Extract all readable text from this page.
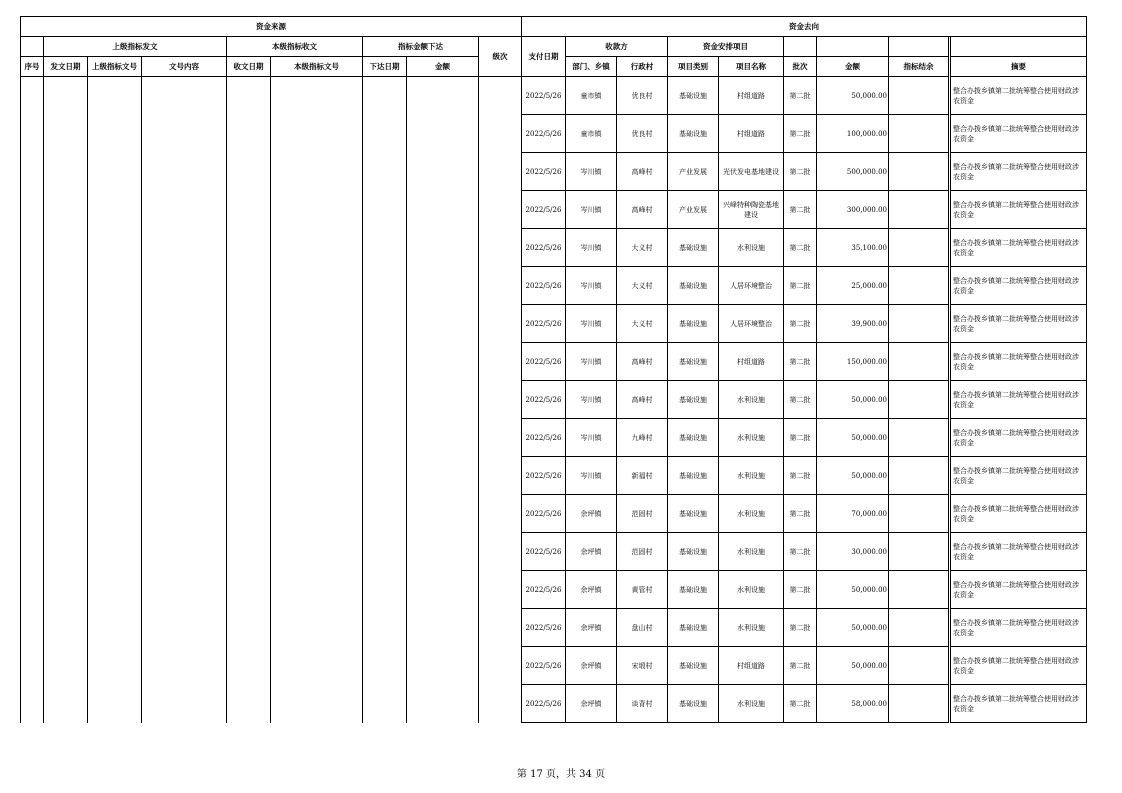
资金来源									资金去向									
	上级指标发文			本级指标收文		指标金额下达		级次	支付日期	收款方		资金安排项目						
序号	发文日期	上级指标文号	文号内容	收文日期	本级指标文号	下达日期	金额			部门、乡镇	行政村	项目类别	项目名称	批次	金额	指标结余		摘要
									2022/5/26	童市镇	优良村	基础设施	村组道路	第二批	50,000.00			整合办拨乡镇第二批统筹整合使用财政涉农资金
									2022/5/26	童市镇	优良村	基础设施	村组道路	第二批	100,000.00			整合办拨乡镇第二批统筹整合使用财政涉农资金
									2022/5/26	岑川镇	高峰村	产业发展	光伏发电基地建设	第二批	500,000.00			整合办拨乡镇第二批统筹整合使用财政涉农资金
									2022/5/26	岑川镇	高峰村	产业发展	兴峰特种陶瓷基地建设	第二批	300,000.00			整合办拨乡镇第二批统筹整合使用财政涉农资金
									2022/5/26	岑川镇	大义村	基础设施	水利设施	第二批	35,100.00			整合办拨乡镇第二批统筹整合使用财政涉农资金
									2022/5/26	岑川镇	大义村	基础设施	人居环境整治	第二批	25,000.00			整合办拨乡镇第二批统筹整合使用财政涉农资金
									2022/5/26	岑川镇	大义村	基础设施	人居环境整治	第二批	39,900.00			整合办拨乡镇第二批统筹整合使用财政涉农资金
									2022/5/26	岑川镇	高峰村	基础设施	村组道路	第二批	150,000.00			整合办拨乡镇第二批统筹整合使用财政涉农资金
									2022/5/26	岑川镇	高峰村	基础设施	水利设施	第二批	50,000.00			整合办拨乡镇第二批统筹整合使用财政涉农资金
									2022/5/26	岑川镇	九峰村	基础设施	水利设施	第二批	50,000.00			整合办拨乡镇第二批统筹整合使用财政涉农资金
									2022/5/26	岑川镇	新福村	基础设施	水利设施	第二批	50,000.00			整合办拨乡镇第二批统筹整合使用财政涉农资金
									2022/5/26	余坪镇	范固村	基础设施	水利设施	第二批	70,000.00			整合办拨乡镇第二批统筹整合使用财政涉农资金
									2022/5/26	余坪镇	范固村	基础设施	水利设施	第二批	30,000.00			整合办拨乡镇第二批统筹整合使用财政涉农资金
									2022/5/26	余坪镇	黄管村	基础设施	水利设施	第二批	50,000.00			整合办拨乡镇第二批统筹整合使用财政涉农资金
									2022/5/26	余坪镇	盘山村	基础设施	水利设施	第二批	50,000.00			整合办拨乡镇第二批统筹整合使用财政涉农资金
									2022/5/26	余坪镇	宋塅村	基础设施	村组道路	第二批	50,000.00			整合办拨乡镇第二批统筹整合使用财政涉农资金
									2022/5/26	余坪镇	谈背村	基础设施	水利设施	第二批	58,000.00			整合办拨乡镇第二批统筹整合使用财政涉农资金
第 17 页，共 34 页
